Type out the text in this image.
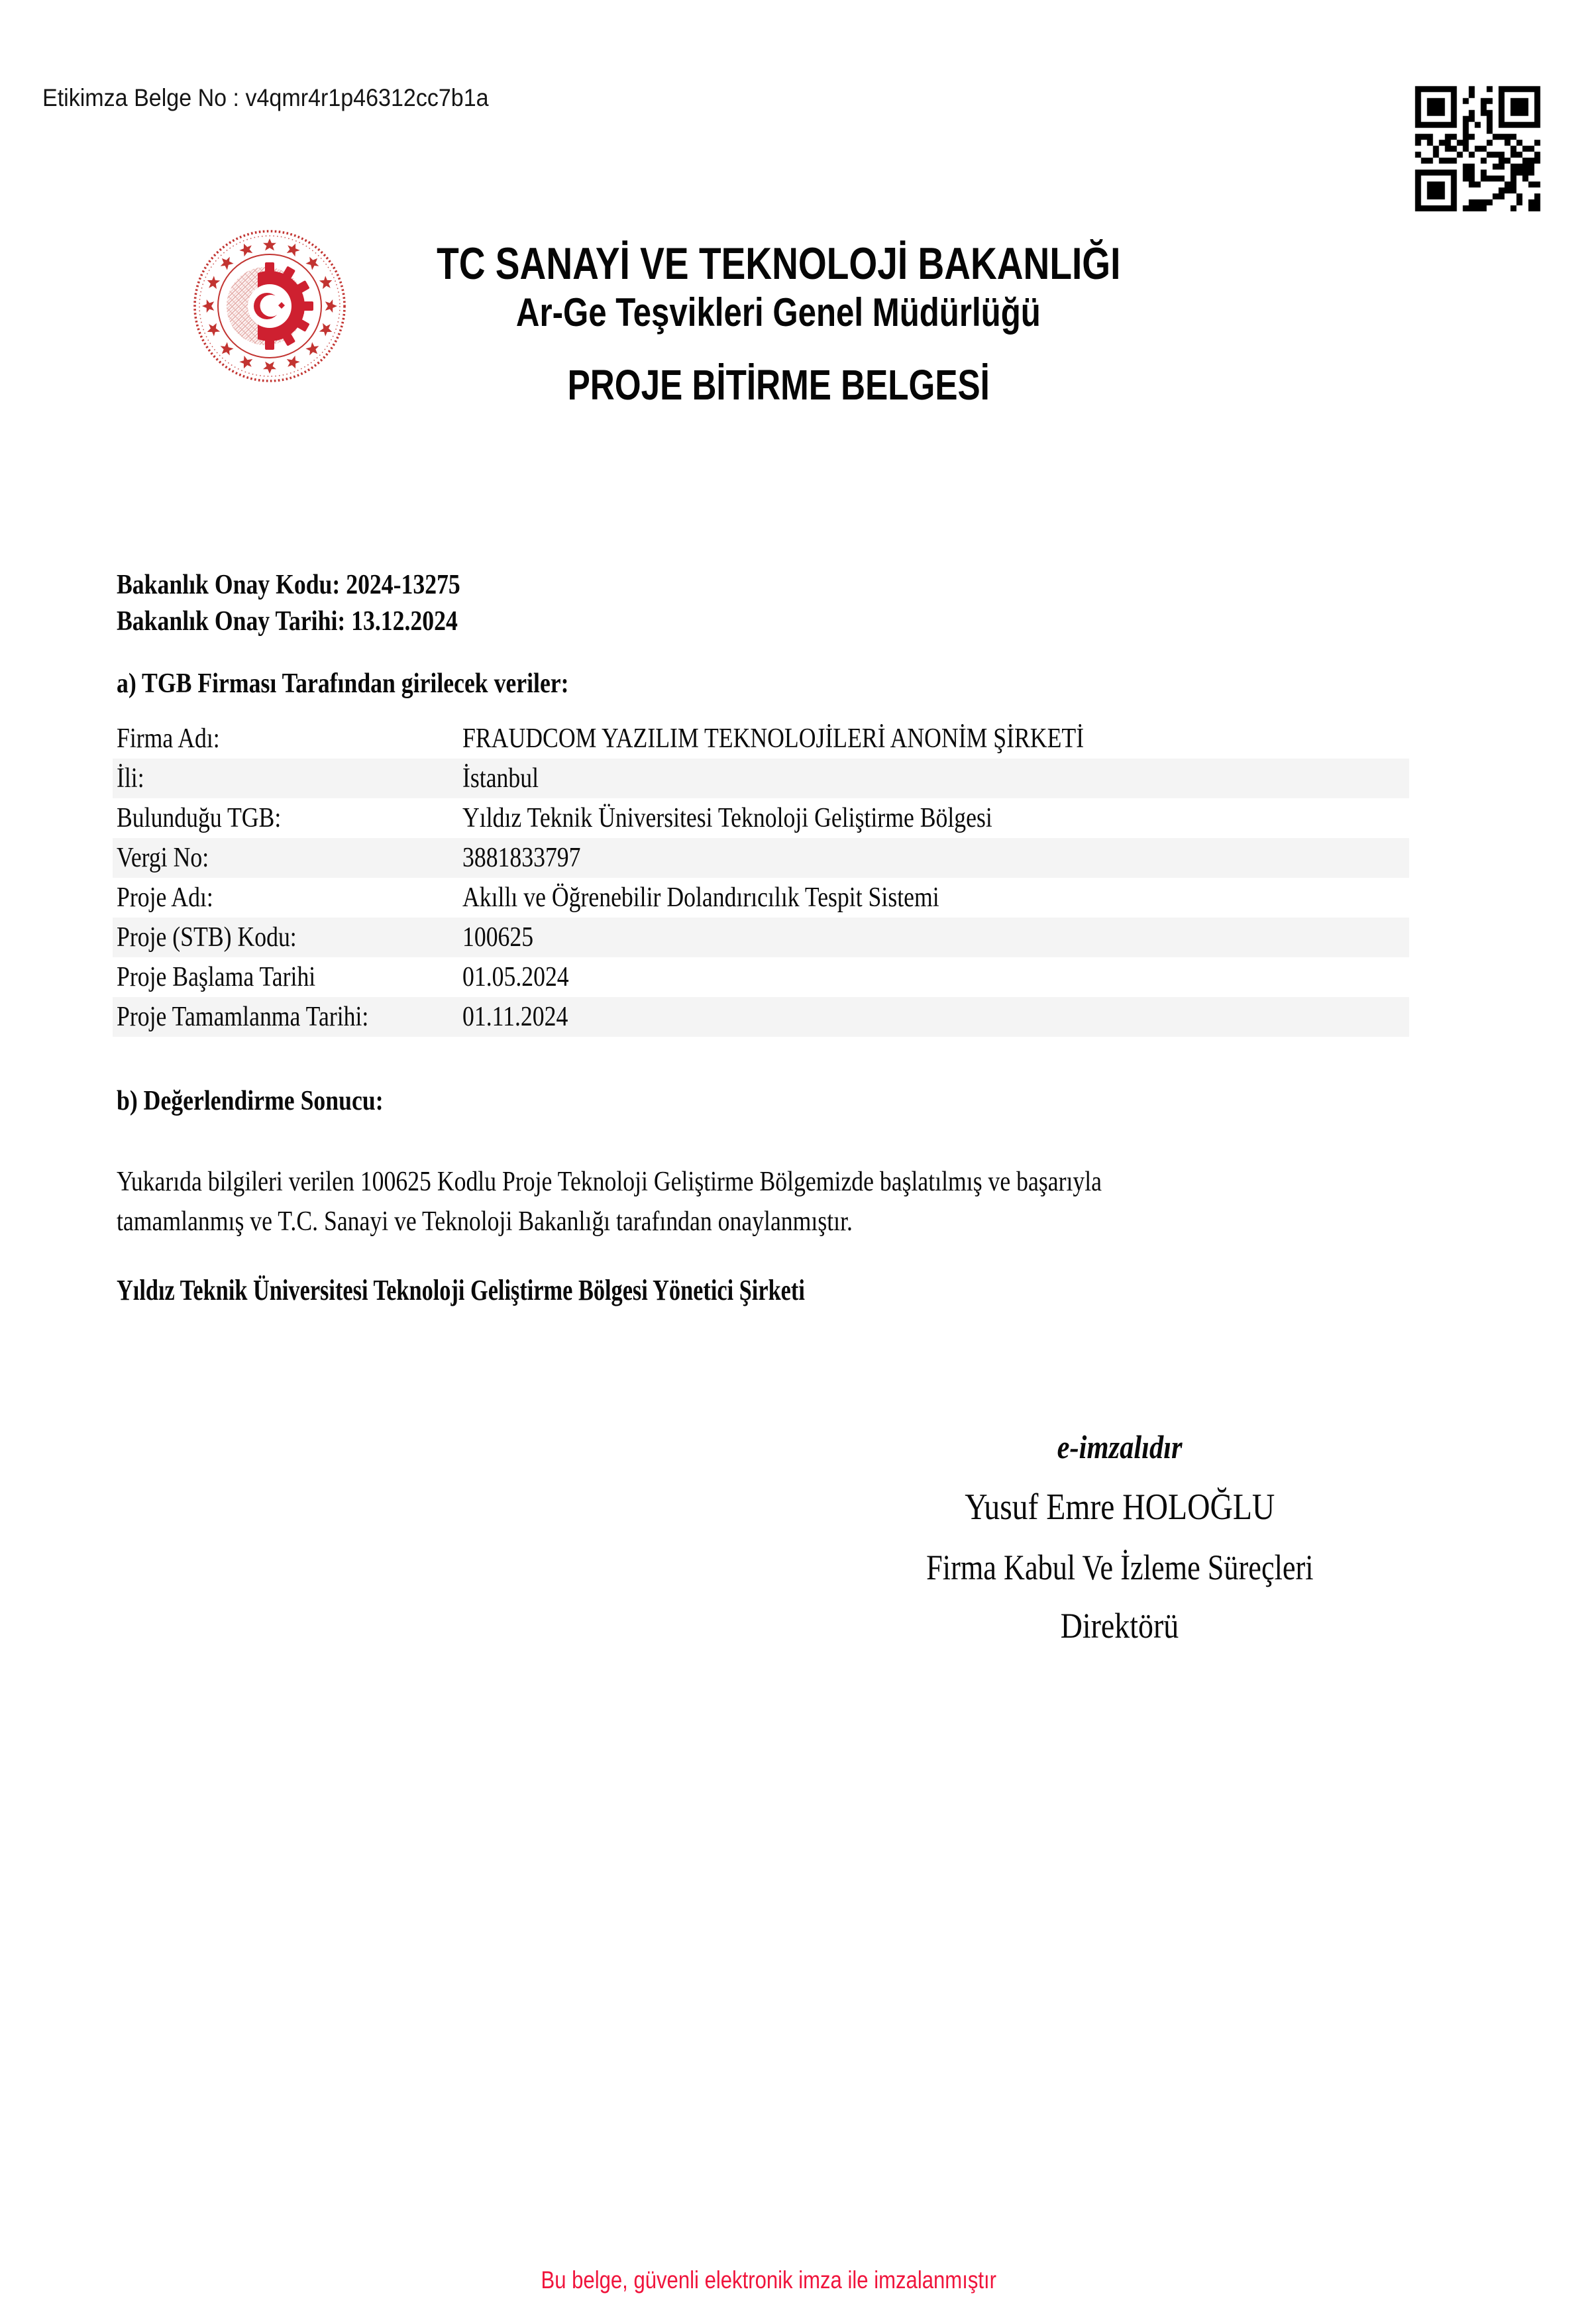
Etikimza Belge No : v4qmr4r1p46312cc7b1a
TC SANAYİ VE TEKNOLOJİ BAKANLIĞI
Ar-Ge Teşvikleri Genel Müdürlüğü
PROJE BİTİRME BELGESİ
Bakanlık Onay Kodu: 2024-13275
Bakanlık Onay Tarihi: 13.12.2024
a) TGB Firması Tarafından girilecek veriler:
Firma Adı:	FRAUDCOM YAZILIM TEKNOLOJİLERİ ANONİM ŞİRKETİ
İli:	İstanbul
Bulunduğu TGB:	Yıldız Teknik Üniversitesi Teknoloji Geliştirme Bölgesi
Vergi No:	3881833797
Proje Adı:	Akıllı ve Öğrenebilir Dolandırıcılık Tespit Sistemi
Proje (STB) Kodu:	100625
Proje Başlama Tarihi	01.05.2024
Proje Tamamlanma Tarihi:	01.11.2024
b) Değerlendirme Sonucu:
Yukarıda bilgileri verilen 100625 Kodlu Proje Teknoloji Geliştirme Bölgemizde başlatılmış ve başarıyla
tamamlanmış ve T.C. Sanayi ve Teknoloji Bakanlığı tarafından onaylanmıştır.
Yıldız Teknik Üniversitesi Teknoloji Geliştirme Bölgesi Yönetici Şirketi
e-imzalıdır
Yusuf Emre HOLOĞLU
Firma Kabul Ve İzleme Süreçleri
Direktörü
Bu belge, güvenli elektronik imza ile imzalanmıştır
